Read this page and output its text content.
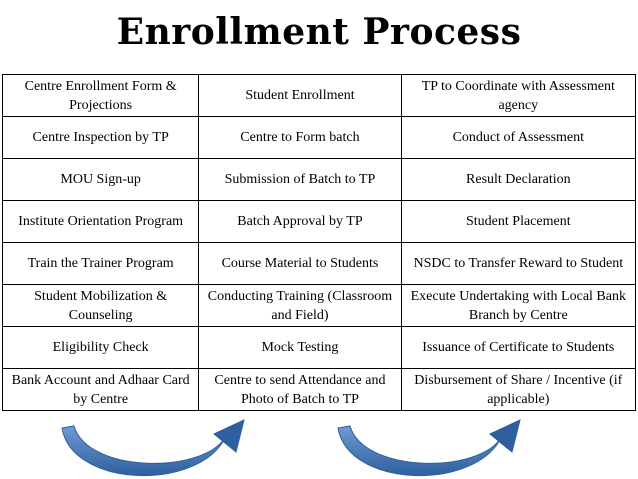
Enrollment Process
Centre Enrollment Form & Projections	Student Enrollment	TP to Coordinate with Assessment agency
Centre Inspection by TP	Centre to Form batch	Conduct of Assessment
MOU Sign-up	Submission of Batch to TP	Result Declaration
Institute Orientation Program	Batch Approval by TP	Student Placement
Train the Trainer Program	Course Material to Students	NSDC to Transfer Reward to Student
Student Mobilization & Counseling	Conducting Training (Classroom and Field)	Execute Undertaking with Local Bank Branch by Centre
Eligibility Check	Mock Testing	Issuance of Certificate to Students
Bank Account and Adhaar Card by Centre	Centre to send Attendance and Photo of Batch to TP	Disbursement of Share / Incentive (if applicable)
